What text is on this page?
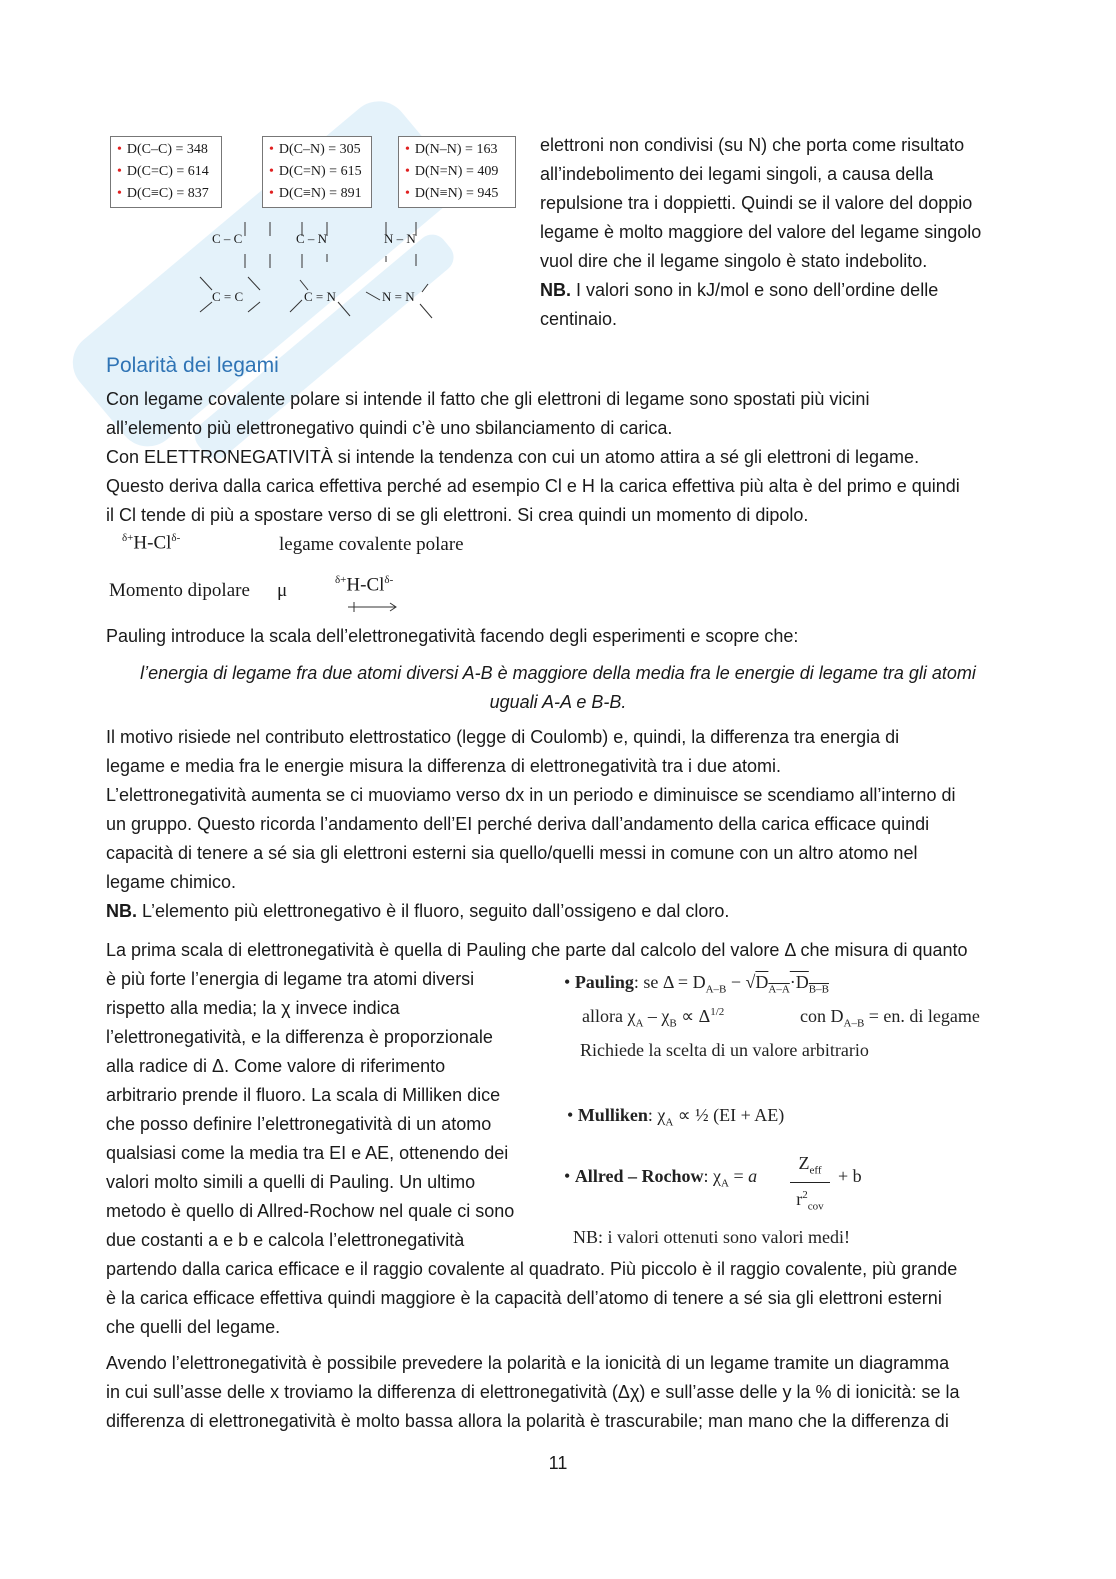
• D(C–C) = 348
• D(C=C) = 614
• D(C≡C) = 837
• D(C–N) = 305
• D(C=N) = 615
• D(C≡N) = 891
• D(N–N) = 163
• D(N=N) = 409
• D(N≡N) = 945
C – C	C – N	N – N
C = C	C = N	N = N

elettroni non condivisi (su N) che porta come risultato

all’indebolimento dei legami singoli, a causa della

repulsione tra i doppietti. Quindi se il valore del doppio

legame è molto maggiore del valore del legame singolo

vuol dire che il legame singolo è stato indebolito.

NB. I valori sono in kJ/mol e sono dell’ordine delle

centinaio.

Polarità dei legami

Con legame covalente polare si intende il fatto che gli elettroni di legame sono spostati più vicini

all’elemento più elettronegativo quindi c’è uno sbilanciamento di carica.

Con ELETTRONEGATIVITÀ si intende la tendenza con cui un atomo attira a sé gli elettroni di legame.

Questo deriva dalla carica effettiva perché ad esempio Cl e H la carica effettiva più alta è del primo e quindi

il Cl tende di più a spostare verso di se gli elettroni. Si crea quindi un momento di dipolo.

$^{\delta+}H-Cl^{\delta-}$	legame covalente polare
Momento dipolare μ	$^{\delta+}H-Cl^{\delta-}$

Pauling introduce la scala dell’elettronegatività facendo degli esperimenti e scopre che:

l’energia di legame fra due atomi diversi A-B è maggiore della media fra le energie di legame tra gli atomi

uguali A-A e B-B.

Il motivo risiede nel contributo elettrostatico (legge di Coulomb) e, quindi, la differenza tra energia di

legame e media fra le energie misura la differenza di elettronegatività tra i due atomi.

L’elettronegatività aumenta se ci muoviamo verso dx in un periodo e diminuisce se scendiamo all’interno di

un gruppo. Questo ricorda l’andamento dell’EI perché deriva dall’andamento della carica efficace quindi

capacità di tenere a sé sia gli elettroni esterni sia quello/quelli messi in comune con un altro atomo nel

legame chimico.

NB. L’elemento più elettronegativo è il fluoro, seguito dall’ossigeno e dal cloro.

La prima scala di elettronegatività è quella di Pauling che parte dal calcolo del valore Δ che misura di quanto

è più forte l’energia di legame tra atomi diversi

rispetto alla media; la χ invece indica

l’elettronegatività, e la differenza è proporzionale

alla radice di Δ. Come valore di riferimento

arbitrario prende il fluoro. La scala di Milliken dice

che posso definire l’elettronegatività di un atomo

qualsiasi come la media tra EI e AE, ottenendo dei

valori molto simili a quelli di Pauling. Un ultimo

metodo è quello di Allred-Rochow nel quale ci sono

due costanti a e b e calcola l’elettronegatività

partendo dalla carica efficace e il raggio covalente al quadrato. Più piccolo è il raggio covalente, più grande

è la carica efficace effettiva quindi maggiore è la capacità dell’atomo di tenere a sé sia gli elettroni esterni

che quelli del legame.

• Pauling: se $\Delta = D_{A-B} - √D_{A-A}\cdot D_{B-B}$
allora $\chi_A - \chi_B \propto \Delta^{1/2}$	con $D_{A-B}$ = en. di legame
Richiede la scelta di un valore arbitrario
• Mulliken: $\chi_A$ ∝ ½ (EI + AE)
• Allred – Rochow: $\chi_A = a$
$Z_{eff}$
$r^2_{cov}$
+ b
NB: i valori ottenuti sono valori medi!

Avendo l’elettronegatività è possibile prevedere la polarità e la ionicità di un legame tramite un diagramma

in cui sull’asse delle x troviamo la differenza di elettronegatività (Δχ) e sull’asse delle y la % di ionicità: se la

differenza di elettronegatività è molto bassa allora la polarità è trascurabile; man mano che la differenza di

11
